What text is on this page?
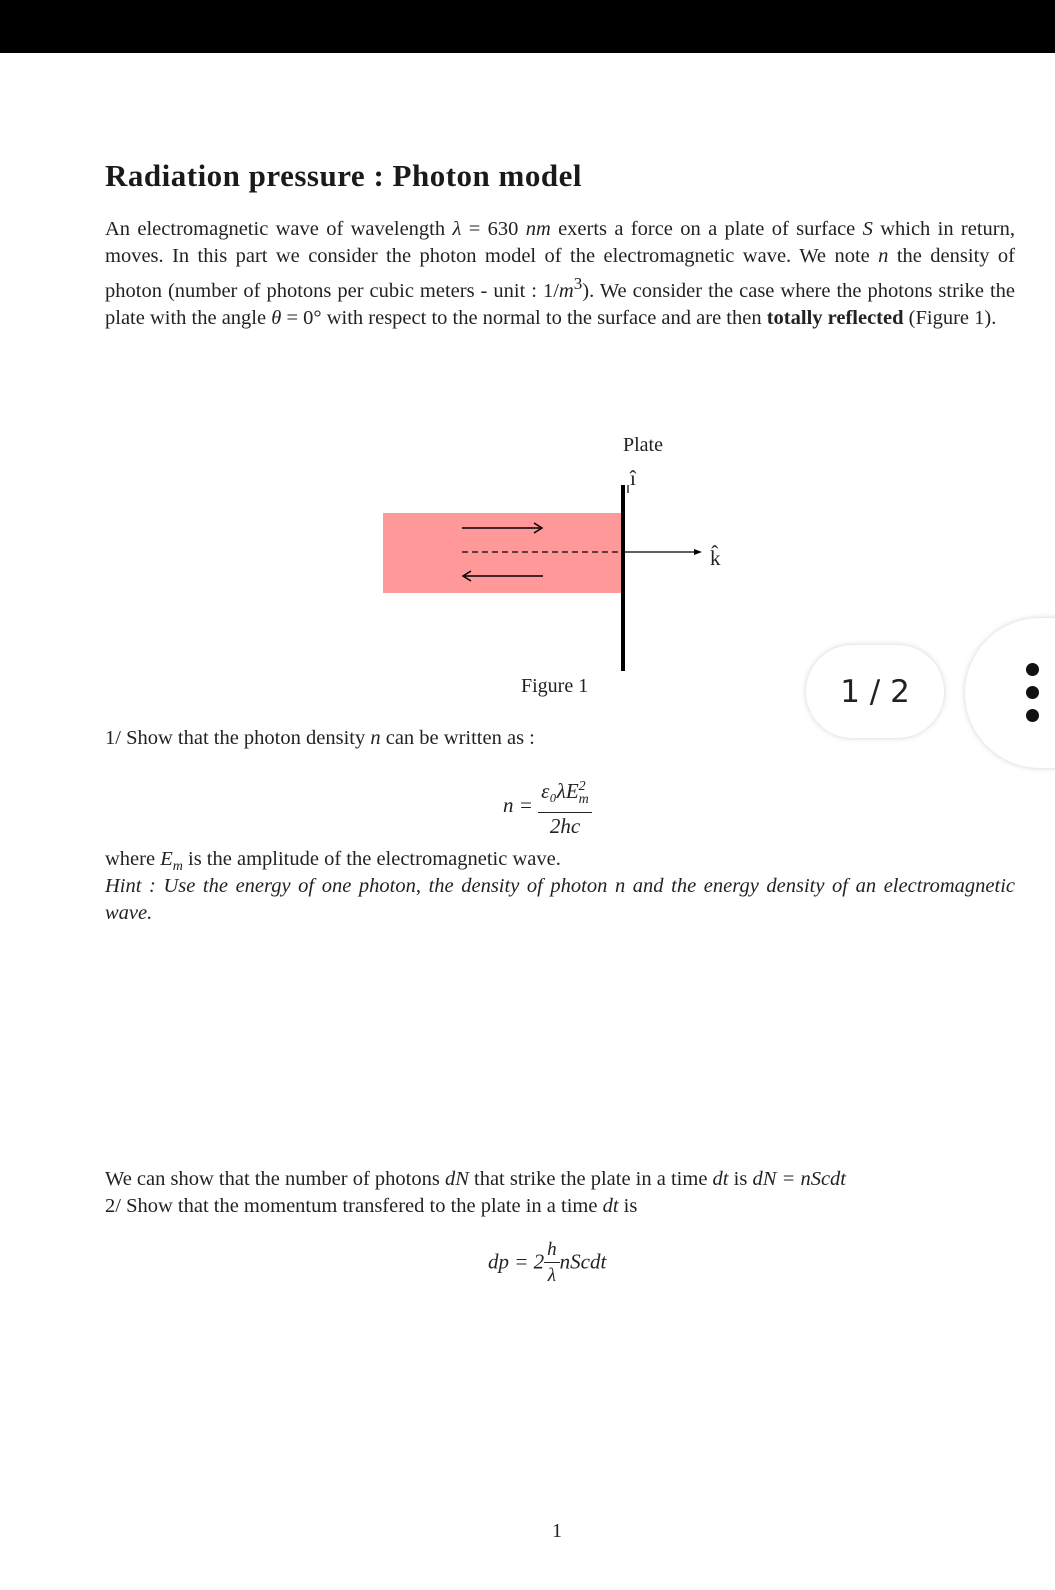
Radiation pressure : Photon model
An electromagnetic wave of wavelength λ = 630 nm exerts a force on a plate of surface S which in return, moves. In this part we consider the photon model of the electromagnetic wave. We note n the density of photon (number of photons per cubic meters - unit : $1/m^3$). We consider the case where the photons strike the plate with the angle θ = 0° with respect to the normal to the surface and are then totally reflected (Figure 1).
Plate
î
k̂
Figure 1
1/ Show that the photon density n can be written as :
$n = \frac{\varepsilon_0\lambda E^2_m}{2hc}$
where $E_m$ is the amplitude of the electromagnetic wave.
Hint : Use the energy of one photon, the density of photon n and the energy density of an electromagnetic wave.
We can show that the number of photons dN that strike the plate in a time dt is dN = nScdt
2/ Show that the momentum transfered to the plate in a time dt is
dp = $2 \frac{h}{\lambda}$ nScdt
1
1 / 2
